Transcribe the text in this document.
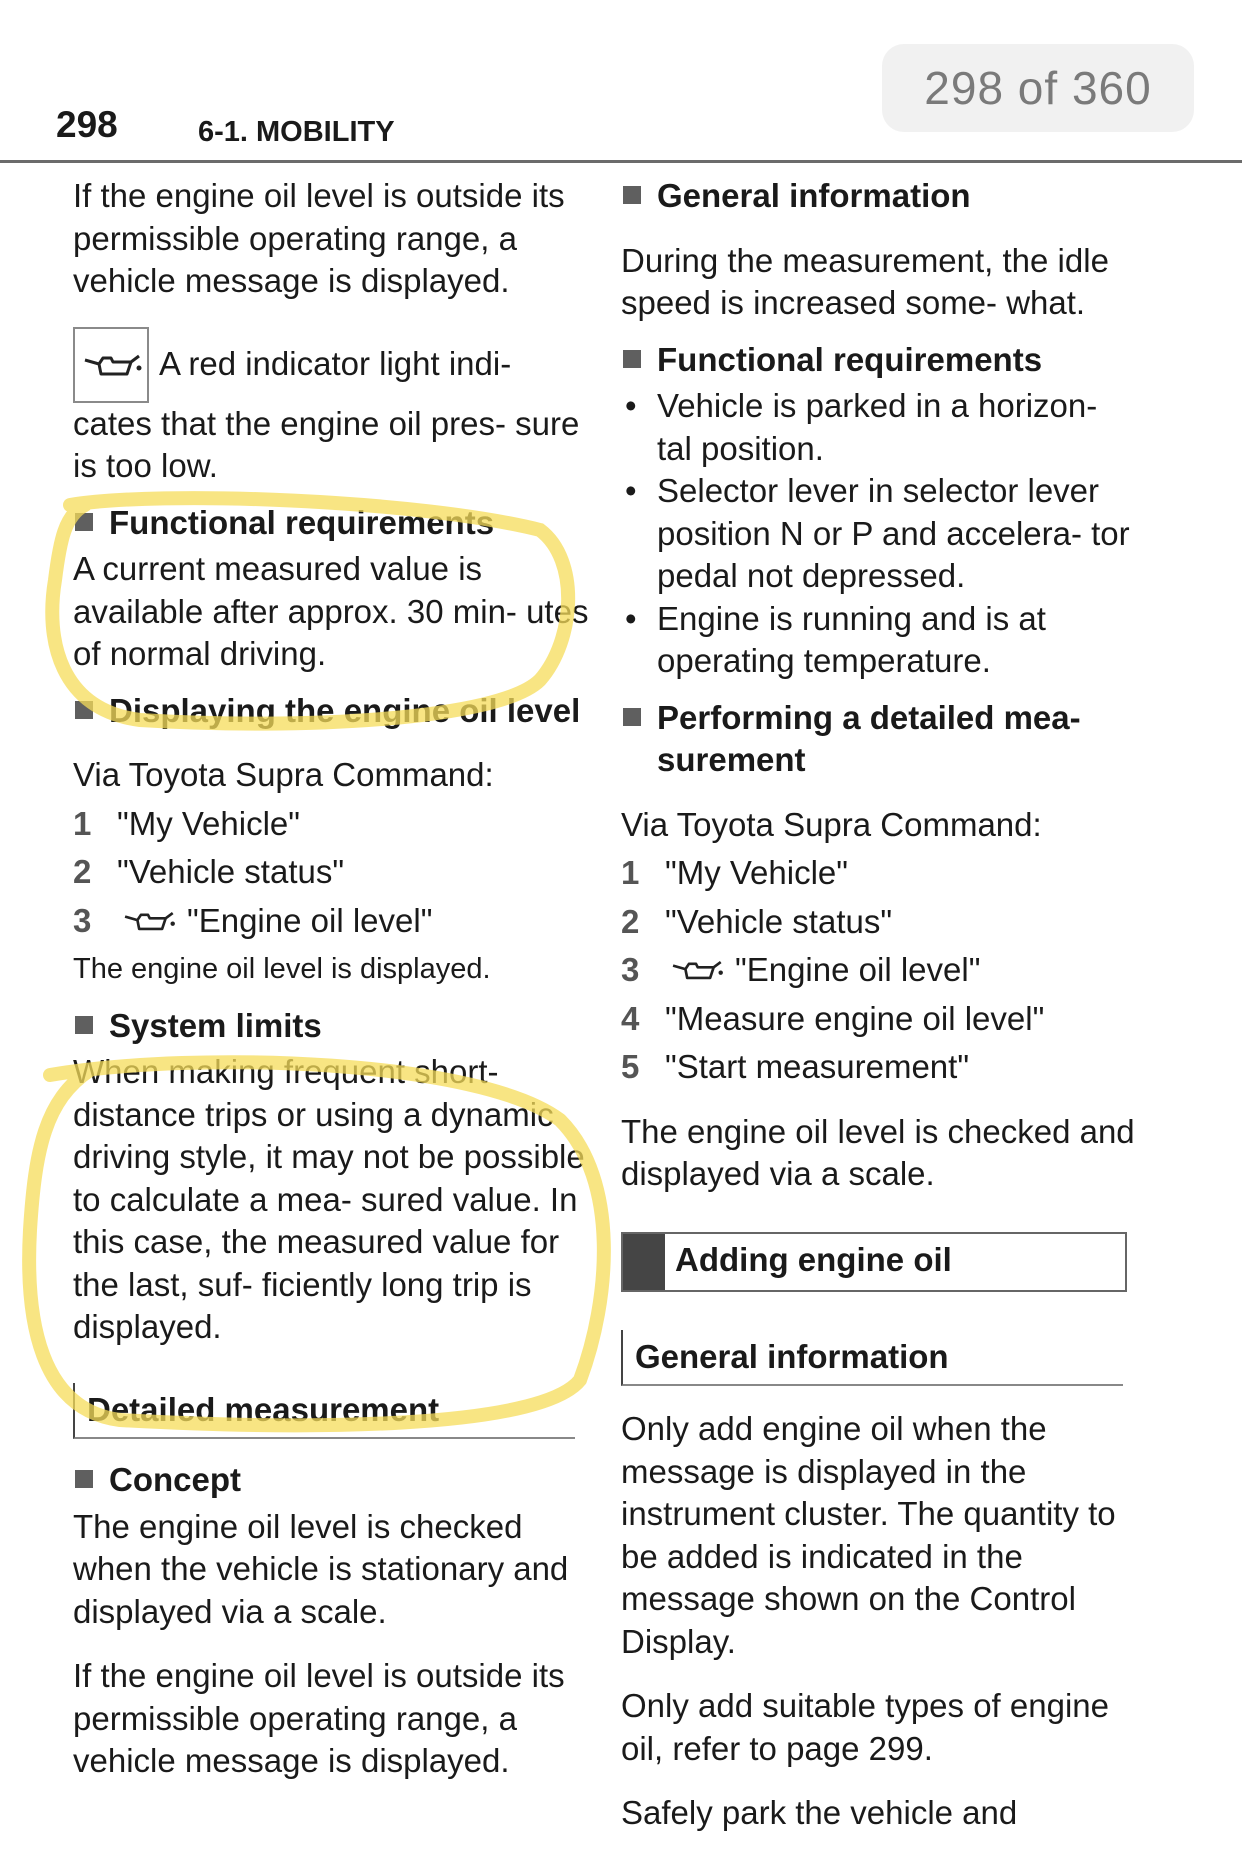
298 of 360
298	6-1. MOBILITY

If the engine oil level is outside its permissible operating range, a vehicle message is displayed.

A red indicator light indi-

cates that the engine oil pres- sure is too low.

Functional requirements

A current measured value is available after approx. 30 min- utes of normal driving.

Displaying the engine oil level

Via Toyota Supra Command:

1 "My Vehicle"
2 "Vehicle status"
3	"Engine oil level"

The engine oil level is displayed.

System limits

When making frequent short-distance trips or using a dynamic driving style, it may not be possible to calculate a mea- sured value. In this case, the measured value for the last, suf- ficiently long trip is displayed.

Detailed measurement
Concept

The engine oil level is checked when the vehicle is stationary and displayed via a scale.

If the engine oil level is outside its permissible operating range, a vehicle message is displayed.

General information

During the measurement, the idle speed is increased some- what.

Functional requirements
• Vehicle is parked in a horizon- tal position.
• Selector lever in selector lever position N or P and accelera- tor pedal not depressed.
• Engine is running and is at operating temperature.
Performing a detailed mea- surement

Via Toyota Supra Command:

1 "My Vehicle"
2 "Vehicle status"
3	"Engine oil level"
4 "Measure engine oil level"
5 "Start measurement"

The engine oil level is checked and displayed via a scale.

Adding engine oil
General information

Only add engine oil when the message is displayed in the instrument cluster. The quantity to be added is indicated in the message shown on the Control Display.

Only add suitable types of engine oil, refer to page 299.

Safely park the vehicle and
